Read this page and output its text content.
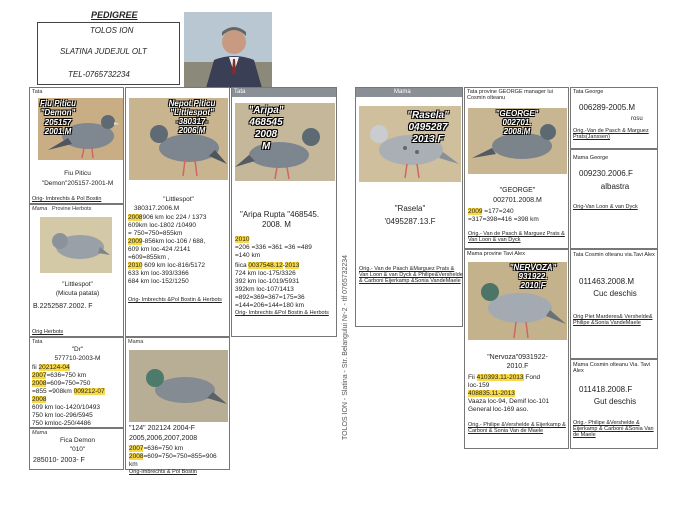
PEDIGREE
TOLOS ION
SLATINA JUDEJUL OLT
TEL-0765732234
Tata
Fiu Piticu
"Demon"
205157
2001.M
Fiu Piticu
"Demon"205157-2001-M
Orig- Imbrechts & Pol Bostin
Mama Provine Herbots
"Littlespot"
(Micuta patata)
B.2252587.2002. F
Orig Herbots
Tata
"Dr"
577710-2003-M
fii 202124-04
2007=636=750 km
2008=609=750=750
=855 =908km 009212-07
2008
609 km loc-1420/10493
750 km loc-296/5945
750 kmloc-250/4486
Mama
Fica Demon
"010"
285010- 2003- F
Nepot Piticu
"Littlespot"
-380317-
2006.M
"Littlespot"
380317.2006.M
2008906 km loc 224 / 1373
609km loc-1802 /10490
= 750=750=855km
2009-856km loc-106 / 688,
609 km loc-424 /2141
=609=855km ,
2010 609 km loc-816/5172
633 km loc-393/3366
684 km loc-152/1250
Orig- Imbrechts &Pol Bostin & Herbots
Mama
"124" 202124 2004-F
2005,2006,2007,2008
2007=636=750 km
2008=609=750=750=855=906
km
Orig-Imbrechts & Pol Bostin
Tata
"Aripa"
468545
2008
M
"Aripa Rupta "468545.
2008. M
2010
=206 =336 =361 =36 =489
=140 km
fiica 0037548.12-2013
724 km loc-175/3326
392 km loc-1019/5931
392km loc-107/1413
=892=369=367=175=36
=144=206=144=180 km
Orig- Imbrechts &Pol Bostin & Herbots	TOLOS ION - Slatina - Str. Belangului Nr-2 - tlf 0765732234
Mama
"Rasela"
0495287
2013.F
"Rasela"
'0495287.13.F
Orig.- Van de Pasch &Marguez Prats & Van Loon & van Dyck & Philipe&Vershelde & Carboni Eijerkamp &Sonia VandeMaele
Tata provine GEORGE manager lui Cosmin olteanu
"GEORGE"
002701.
2008.M
"GEORGE"
002701.2008.M
2009 =177=240
=317=398=416 =398 km
Orig.- Van de Pasch & Marguez Prats & Van Loon & van Dyck
Mama provine Tavi Alex
"NERVOZA"
931922.
2010.F
"Nervoza"0931922-
2010.F
Fii 410393.11-2013 Fond
loc-159
408835.11-2013
Vaaza loc-94, Demif loc-101
General loc-169 aso.
Orig.- Philipe &Vershelde & Eijerkamp & Carboni & Sonia Van de Maele
Tata George
006289-2005.M
rosu
Orig.-Van de Pasch & Marguez Prats(Janssen)
Mama George
009230.2006.F
albastra
Orig-Van Loon & van Dyck
Tata Cosmin olteanu via.Tavi Alex
011463.2008.M
Cuc deschis
Orig Piet Marderes& Vershelde& Philipe &Sonia VandeMaele
Mama Cosmin olteanu Via. Tavi Alex
011418.2008.F
Gut deschis
Orig.- Philipe &Vershelde & Eijerkamp & Carboni &Sonia Van de Maele
